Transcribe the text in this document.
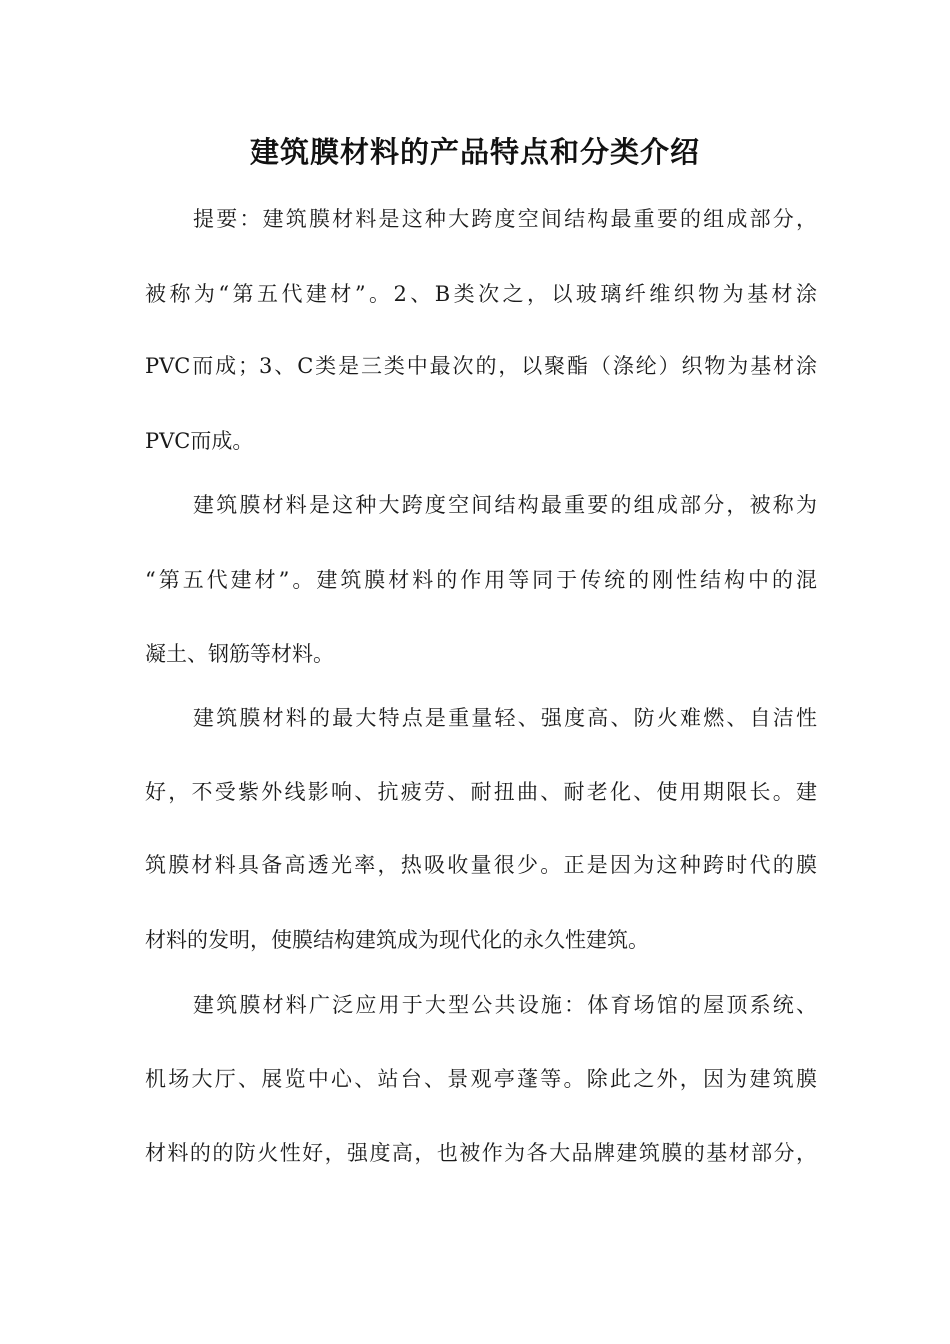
建筑膜材料的产品特点和分类介绍

提要：建筑膜材料是这种大跨度空间结构最重要的组成部分，

被称为“第五代建材”。2、B类次之，以玻璃纤维织物为基材涂

PVC而成；3、C类是三类中最次的，以聚酯（涤纶）织物为基材涂

PVC而成。

建筑膜材料是这种大跨度空间结构最重要的组成部分，被称为

“第五代建材”。建筑膜材料的作用等同于传统的刚性结构中的混

凝土、钢筋等材料。

建筑膜材料的最大特点是重量轻、强度高、防火难燃、自洁性

好，不受紫外线影响、抗疲劳、耐扭曲、耐老化、使用期限长。建

筑膜材料具备高透光率，热吸收量很少。正是因为这种跨时代的膜

材料的发明，使膜结构建筑成为现代化的永久性建筑。

建筑膜材料广泛应用于大型公共设施：体育场馆的屋顶系统、

机场大厅、展览中心、站台、景观亭蓬等。除此之外，因为建筑膜

材料的的防火性好，强度高，也被作为各大品牌建筑膜的基材部分，
